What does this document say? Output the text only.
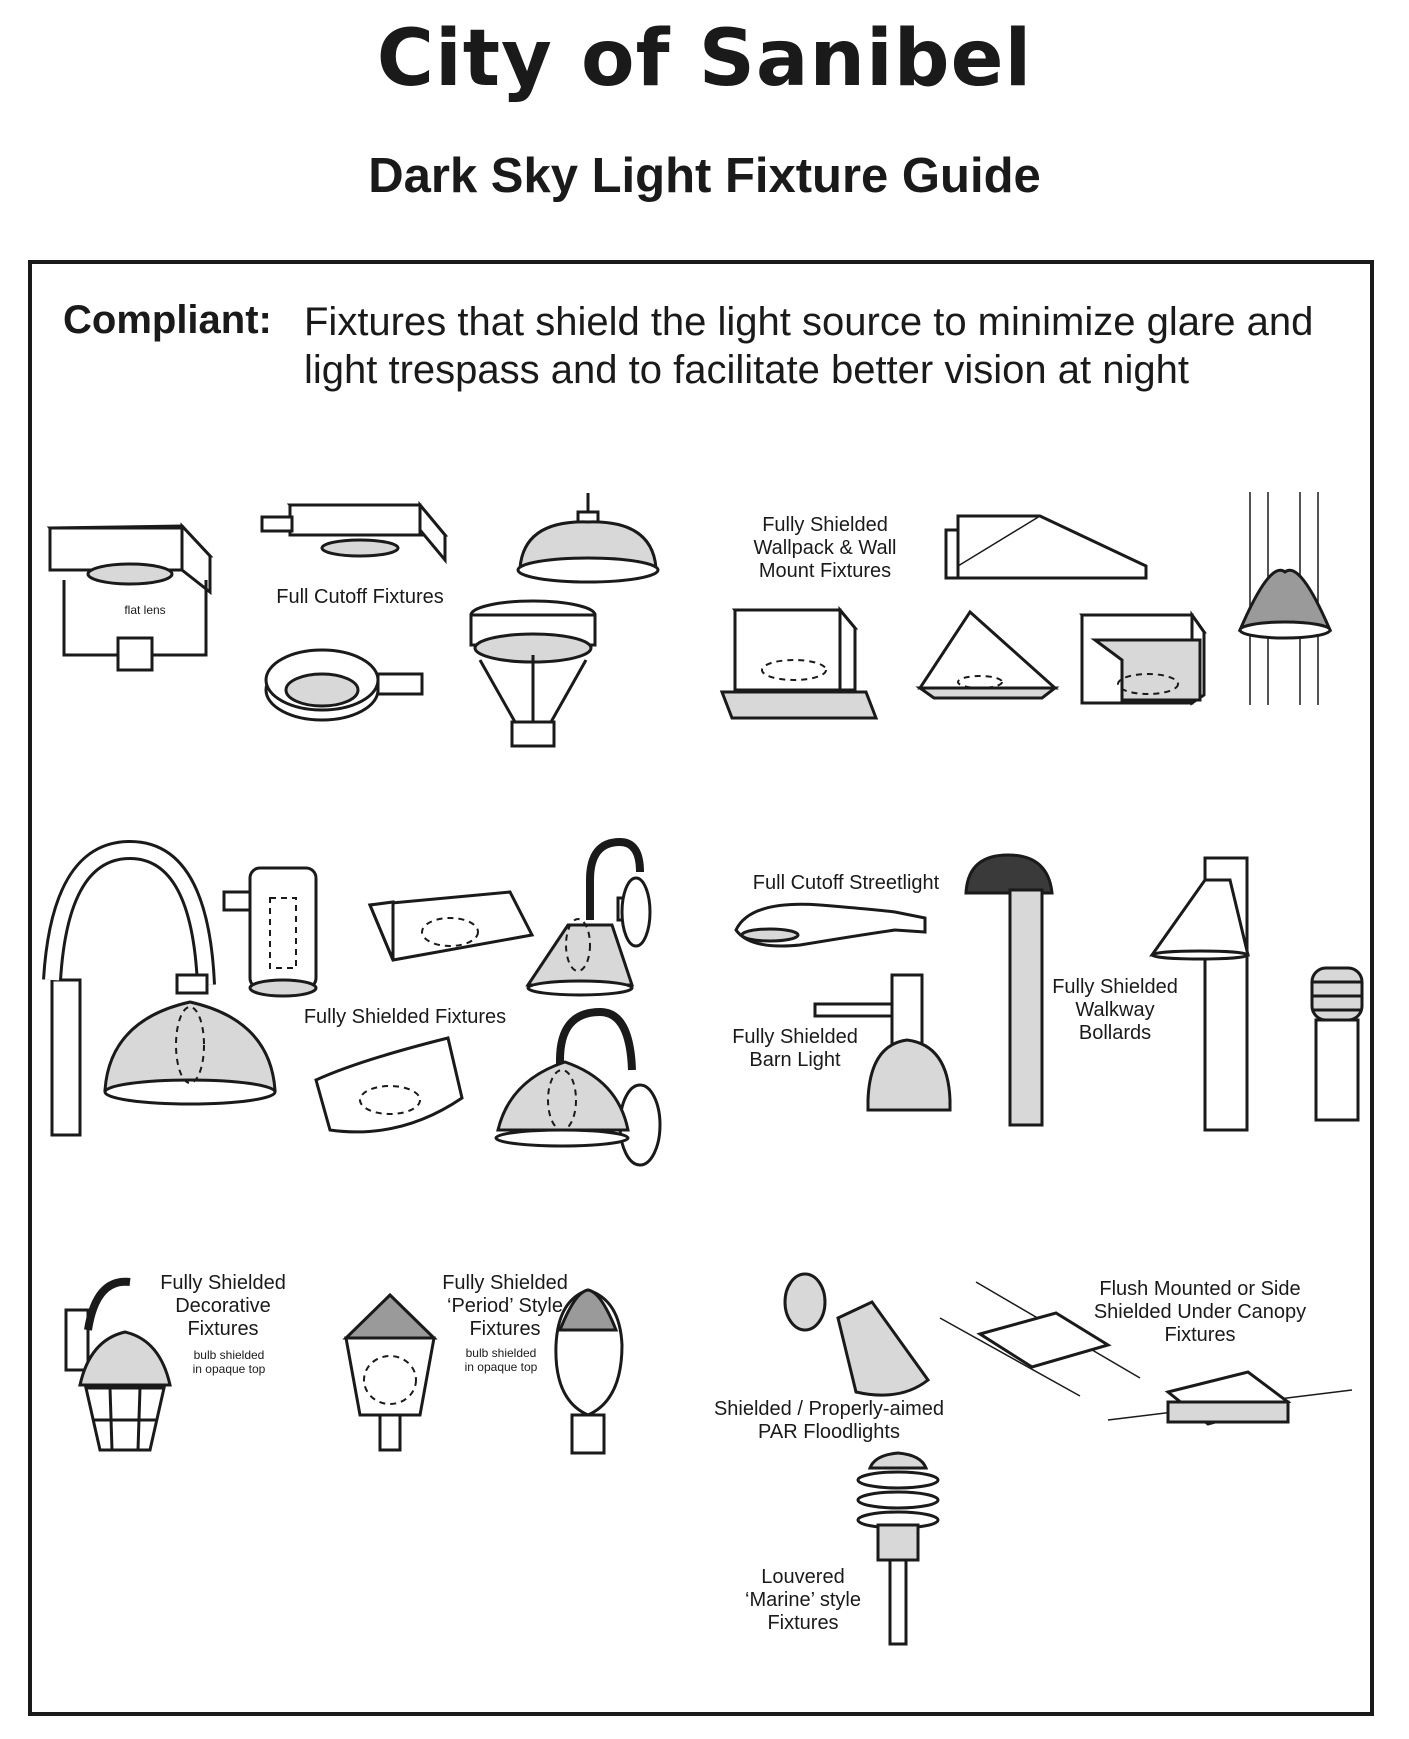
City of Sanibel
Dark Sky Light Fixture Guide
Compliant: Fixtures that shield the light source to minimize glare and light trespass and to facilitate better vision at night
flat lens
Full Cutoff Fixtures
Fully Shielded
Wallpack & Wall
Mount Fixtures
Fully Shielded Fixtures
Full Cutoff Streetlight
Fully Shielded
Barn Light
Fully Shielded
Walkway
Bollards
Fully Shielded
Decorative
Fixtures
bulb shielded
in opaque top
Fully Shielded
‘Period’ Style
Fixtures
bulb shielded
in opaque top
Shielded / Properly-aimed
PAR Floodlights
Flush Mounted or Side
Shielded Under Canopy
Fixtures
Louvered
‘Marine’ style
Fixtures
